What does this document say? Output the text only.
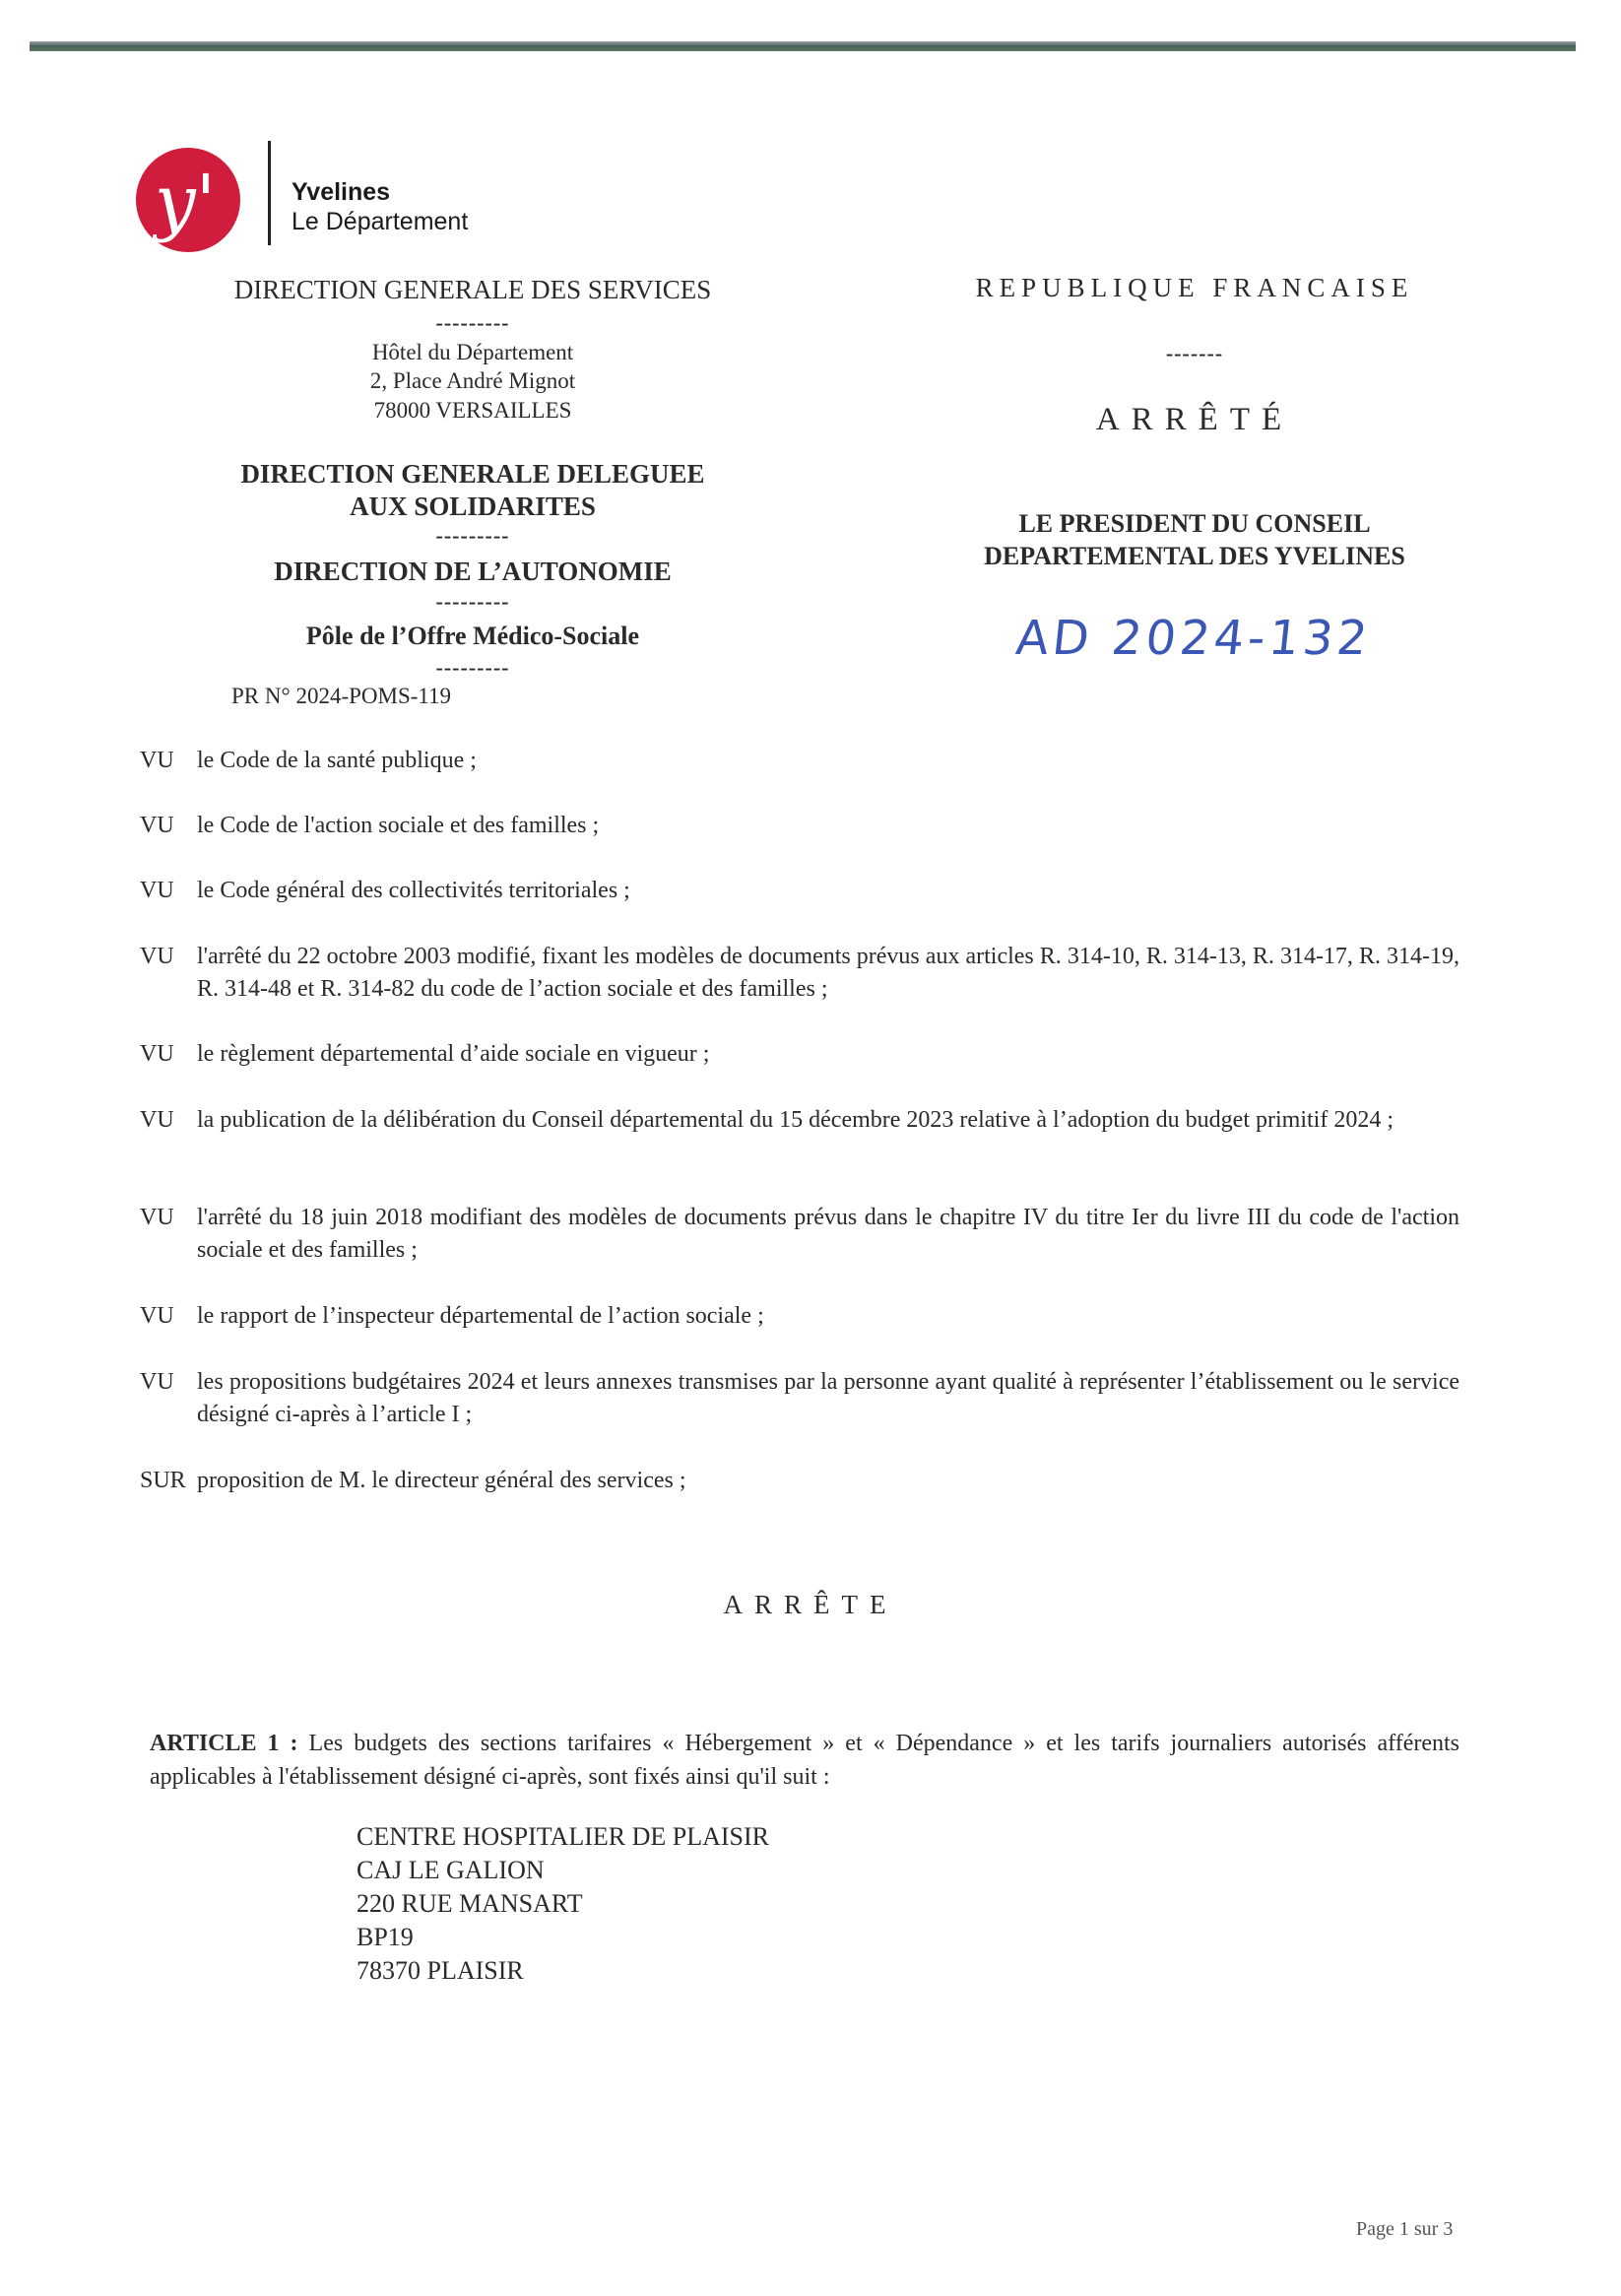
y'	Yvelines
Le Département
DIRECTION GENERALE DES SERVICES
---------
Hôtel du Département
2, Place André Mignot
78000 VERSAILLES
DIRECTION GENERALE DELEGUEE
AUX SOLIDARITES
---------
DIRECTION DE L’AUTONOMIE
---------
Pôle de l’Offre Médico-Sociale
---------
PR N° 2024-POMS-119
REPUBLIQUE FRANCAISE
-------
ARRÊTÉ
LE PRESIDENT DU CONSEIL
DEPARTEMENTAL DES YVELINES
AD 2024-132
VU le Code de la santé publique ;
VU le Code de l'action sociale et des familles ;
VU le Code général des collectivités territoriales ;
VU l'arrêté du 22 octobre 2003 modifié, fixant les modèles de documents prévus aux articles R. 314-10, R. 314-13, R. 314-17, R. 314-19, R. 314-48 et R. 314-82 du code de l’action sociale et des familles ;
VU le règlement départemental d’aide sociale en vigueur ;
VU la publication de la délibération du Conseil départemental du 15 décembre 2023 relative à l’adoption du budget primitif 2024 ;
VU l'arrêté du 18 juin 2018 modifiant des modèles de documents prévus dans le chapitre IV du titre Ier du livre III du code de l'action sociale et des familles ;
VU le rapport de l’inspecteur départemental de l’action sociale ;
VU les propositions budgétaires 2024 et leurs annexes transmises par la personne ayant qualité à représenter l’établissement ou le service désigné ci-après à l’article I ;
SUR proposition de M. le directeur général des services ;
ARRÊTE
ARTICLE 1 : Les budgets des sections tarifaires « Hébergement » et « Dépendance » et les tarifs journaliers autorisés afférents applicables à l'établissement désigné ci-après, sont fixés ainsi qu'il suit :
CENTRE HOSPITALIER DE PLAISIR
CAJ LE GALION
220 RUE MANSART
BP19
78370 PLAISIR
Page 1 sur 3
